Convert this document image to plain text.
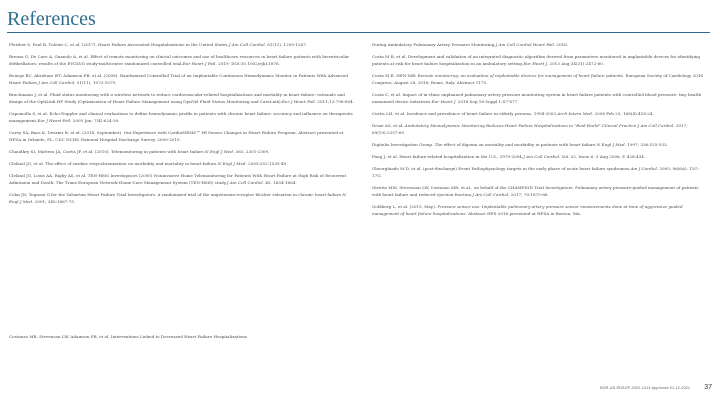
References

Fleisher S, Paul B, Tuleier C, et al. (2017). Heart Failure Associated Hospitalizations in the United States.J Am Coll Cardiol, 61(12), 1259-1267.

Brenza G, De Caro A, Guanolo A, et al. Effect of remote monitoring on clinical outcomes and use of healthcare resources in heart failure patients with biventricular defibrillators: results of the EVOLVO study-multicenter randomized controlled trial.Eur Heart J Fail. 2019; DOI:10.1002/ejhf.1876.

Bourge RC, Abraham WT, Adamson PB, et al. (2008). Randomized Controlled Trial of an Implantable Continuous Hemodynamic Monitor in Patients With Advanced Heart Failure.J Am Coll Cardiol, 51(11), 1073-1079.

Brachmann J, et al. Fluid status monitoring with a wireless network to reduce cardiovascular-related hospitalizations and mortality in heart failure: rationale and design of the OptiLink HF Study (Optimization of Heart Failure Management using OptiVol Fluid Status Monitoring and CareLink).Eur J Heart Fail. 2011;13:796-804.

Capomolla S, et al. Echo-Doppler and clinical evaluations to define hemodynamic profile in patients with chronic heart failure: accuracy and influence on therapeutic management.Eur J Heart Fail. 2005 Jun; 7(4):624-30.

Carey SA, Bass K, Dearmr R, et al. (2018, September). Our Experience with CardioMEMS™ Hf Sensor Changes in Heart Failure Program. Abstract presented at HFSA in Orlando, FL. CDC NCHS National Hospital Discharge Survey, 2000-2010.

Chaudhry SI, Mattera JA, Curtis JP, et al. (2010). Telemonitoring in patients with heart failure.N Engl J Med. 363, 2301-2309.

Cleland JG, et al. The effect of cardiac resynchronization on morbidity and mortality in heart failure.N Engl J Med. 2005;352:1539-49.

Cleland JG, Louis AA, Rigby AS, et al. TEN-HMS Investigators (2005) Noninvasive Home Telemonitoring for Patients With Heart Failure at High Risk of Recurrent Admission and Death: The Trans-European Network-Home-Care Management System (TEN-HMS) study.J Am Coll Cardiol. 45, 1654-1664.

Cohn JN, Tognoni G for the Valsartan Heart Failure Trial Investigators. A randomized trial of the angiotensin-receptor blocker valsartan in chronic heart failure.N Engl J Med. 2001; 345:1667-75.

During Ambulatory Pulmonary Artery Pressure Monitoring.J Am Coll Cardiol Heart Fail. 2016.

Costa M R, et al. Development and validation of an integrated diagnostic algorithm derived from parameters monitored in implantable devices for identifying patients at risk for heart failure hospitalization in an ambulatory setting.Eur Heart J. 2013 Aug;34(31):2472-80.

Costa M R. HEN-MB: Remote monitoring: an evaluation of implantable devices for management of heart failure patients. European Society of Cardiology 2016 Congress; August 28, 2016; Rome, Italy. Abstract 1175.

Costa C, et al. Impact of in-clinic unplanned pulmonary artery pressure monitoring system in heart failure patients with controlled blood pressure: tiny health unmanned device initiatives.Eur Heart J. 2016 Sep;18 Suppl 1:S7-S77.

Curtis LH, et al. Incidence and prevalence of heart failure in elderly persons, 1994-2003.Arch Intern Med. 2008 Feb 25; 168(4):418-24.

Desai AS, et al. Ambulatory Hemodynamic Monitoring Reduces Heart Failure Hospitalizations in "Real-World" Clinical Practice.J Am Coll Cardiol. 2017; 69(19):2357-65.

Digitalis Investigation Group. The effect of digoxin on mortality and morbidity in patients with heart failure.N Engl J Med. 1997; 336:525-533.

Fang J, et al. Heart failure-related hospitalization in the U.S., 1979-2004.J Am Coll Cardiol. Vol. 52, Issue 6, 5 Aug 2008, P. 428-434.

Gheorghiade M D, et al. (post-discharge) Event Pathophysiology targets in the early phase of acute heart failure syndromes.Am J Cardiol. 2005; 96(6A): 11G - 17G.

Givertz MM, Stevenson LW, Costanzo MR, et al., on behalf of the CHAMPION Trial Investigators. Pulmonary artery pressure-guided management of patients with heart failure and reduced ejection fraction.J Am Coll Cardiol. 2017; 70:1875-86.

Goldberg L, et al. (2015, May). Pressure sensor use: Implantable pulmonary artery pressure sensor measurements done at time of aggressive guided management of heart failure hospitalizations. Abstract HFS-2016 presented at HFSA in Boston, MA.

Costanzo MR, Stevenson LW, Adamson PB, et al. Interventions Linked to Decreased Heart Failure Hospitalizations
NOR-US-EDSOP-2020-1014 Approved 01-12-2021 37
